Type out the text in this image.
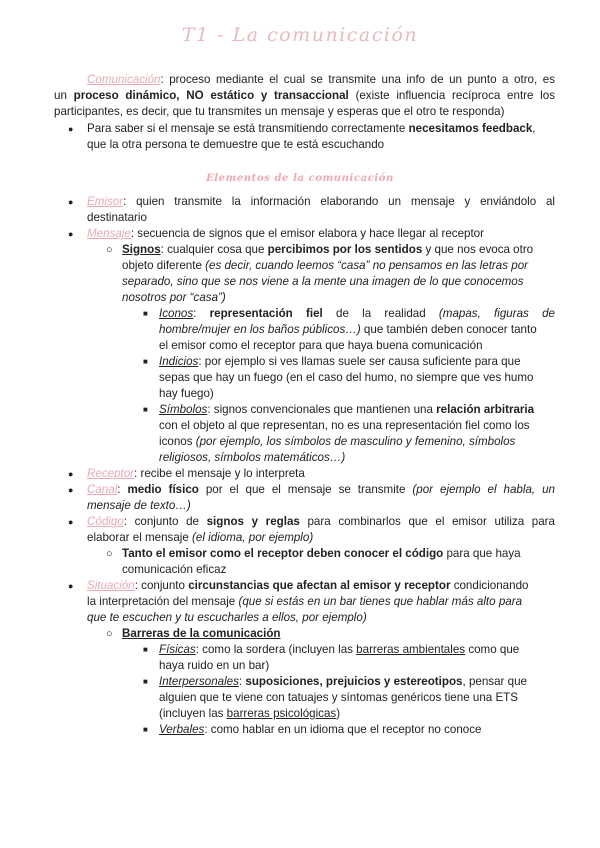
T1 - La comunicación
Comunicación: proceso mediante el cual se transmite una info de un punto a otro, es
un proceso dinámico, NO estático y transaccional (existe influencia recíproca entre los
participantes, es decir, que tu transmites un mensaje y esperas que el otro te responda)
● Para saber si el mensaje se está transmitiendo correctamente necesitamos feedback,
que la otra persona te demuestre que te está escuchando
Elementos de la comunicación
● Emisor: quien transmite la información elaborando un mensaje y enviándolo al
destinatario
● Mensaje: secuencia de signos que el emisor elabora y hace llegar al receptor
○ Signos: cualquier cosa que percibimos por los sentidos y que nos evoca otro
objeto diferente (es decir, cuando leemos “casa” no pensamos en las letras por
separado, sino que se nos viene a la mente una imagen de lo que conocemos
nosotros por “casa”)
■ Iconos: representación fiel de la realidad (mapas, figuras de
hombre/mujer en los baños públicos…) que también deben conocer tanto
el emisor como el receptor para que haya buena comunicación
■ Indicios: por ejemplo si ves llamas suele ser causa suficiente para que
sepas que hay un fuego (en el caso del humo, no siempre que ves humo
hay fuego)
■ Símbolos: signos convencionales que mantienen una relación arbitraria
con el objeto al que representan, no es una representación fiel como los
iconos (por ejemplo, los símbolos de masculino y femenino, símbolos
religiosos, símbolos matemáticos…)
● Receptor: recibe el mensaje y lo interpreta
● Canal: medio físico por el que el mensaje se transmite (por ejemplo el habla, un
mensaje de texto…)
● Código: conjunto de signos y reglas para combinarlos que el emisor utiliza para
elaborar el mensaje (el idioma, por ejemplo)
○ Tanto el emisor como el receptor deben conocer el código para que haya
comunicación eficaz
● Situación: conjunto circunstancias que afectan al emisor y receptor condicionando
la interpretación del mensaje (que si estás en un bar tienes que hablar más alto para
que te escuchen y tu escucharles a ellos, por ejemplo)
○ Barreras de la comunicación
■ Físicas: como la sordera (incluyen las barreras ambientales como que
haya ruido en un bar)
■ Interpersonales: suposiciones, prejuicios y estereotipos, pensar que
alguien que te viene con tatuajes y síntomas genéricos tiene una ETS
(incluyen las barreras psicológicas)
■ Verbales: como hablar en un idioma que el receptor no conoce
